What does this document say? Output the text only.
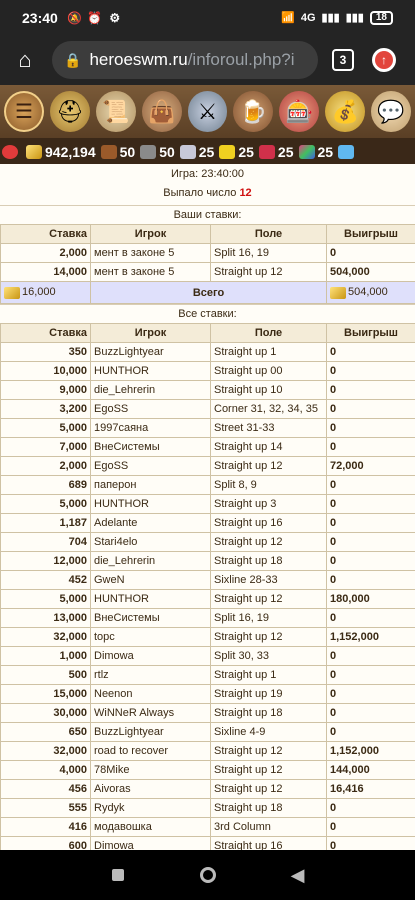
23:40 🔕 ⏰ ⚙	📶 4G ▮▮▮ ▮▮▮	18
⌂	🔒 heroeswm.ru /inforoul.php?i	3	↑
☰	⛑ 📜 👜	⚔	🍺 🎰 💰 💬
942,194 50 50 25 25 25 25
Игра: 23:40:00
Выпало число 12
Ваши ставки:
Ставка	Игрок	Поле	Выигрыш
2,000	мент в законе 5	Split 16, 19	0
14,000	мент в законе 5	Straight up 12	504,000
16,000	Всего		504,000
Все ставки:
Ставка	Игрок	Поле	Выигрыш
350	BuzzLightyear	Straight up 1	0
10,000	HUNTHOR	Straight up 00	0
9,000	die_Lehrerin	Straight up 10	0
3,200	EgoSS	Corner 31, 32, 34, 35	0
5,000	1997саяна	Street 31-33	0
7,000	ВнеСистемы	Straight up 14	0
2,000	EgoSS	Straight up 12	72,000
689	паперон	Split 8, 9	0
5,000	HUNTHOR	Straight up 3	0
1,187	Adelante	Straight up 16	0
704	Stari4elo	Straight up 12	0
12,000	die_Lehrerin	Straight up 18	0
452	GweN	Sixline 28-33	0
5,000	HUNTHOR	Straight up 12	180,000
13,000	ВнеСистемы	Split 16, 19	0
32,000	topc	Straight up 12	1,152,000
1,000	Dimowa	Split 30, 33	0
500	rtlz	Straight up 1	0
15,000	Neenon	Straight up 19	0
30,000	WiNNeR Always	Straight up 18	0
650	BuzzLightyear	Sixline 4-9	0
32,000	road to recover	Straight up 12	1,152,000
4,000	78Mike	Straight up 12	144,000
456	Aivoras	Straight up 12	16,416
555	Rydyk	Straight up 18	0
416	модавошка	3rd Column	0
600	Dimowa	Straight up 16	0
◀
